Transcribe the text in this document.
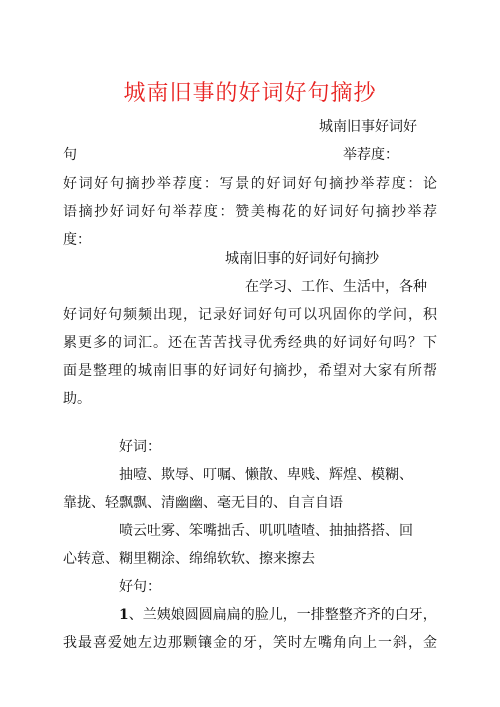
城南旧事的好词好句摘抄
城南旧事好词好
句	举荐度：
好词好句摘抄举荐度：写景的好词好句摘抄举荐度：论
语摘抄好词好句举荐度：赞美梅花的好词好句摘抄举荐
度：
城南旧事的好词好句摘抄
在学习、工作、生活中，各种
好词好句频频出现，记录好词好句可以巩固你的学问，积
累更多的词汇。还在苦苦找寻优秀经典的好词好句吗？下
面是整理的城南旧事的好词好句摘抄，希望对大家有所帮
助。
好词：
抽噎、欺辱、叮嘱、懒散、卑贱、辉煌、模糊、
靠拢、轻飘飘、清幽幽、毫无目的、自言自语
喷云吐雾、笨嘴拙舌、叽叽喳喳、抽抽搭搭、回
心转意、糊里糊涂、绵绵软软、擦来擦去
好句：
1、兰姨娘圆圆扁扁的脸儿，一排整整齐齐的白牙，
我最喜爱她左边那颗镶金的牙，笑时左嘴角向上一斜，金
